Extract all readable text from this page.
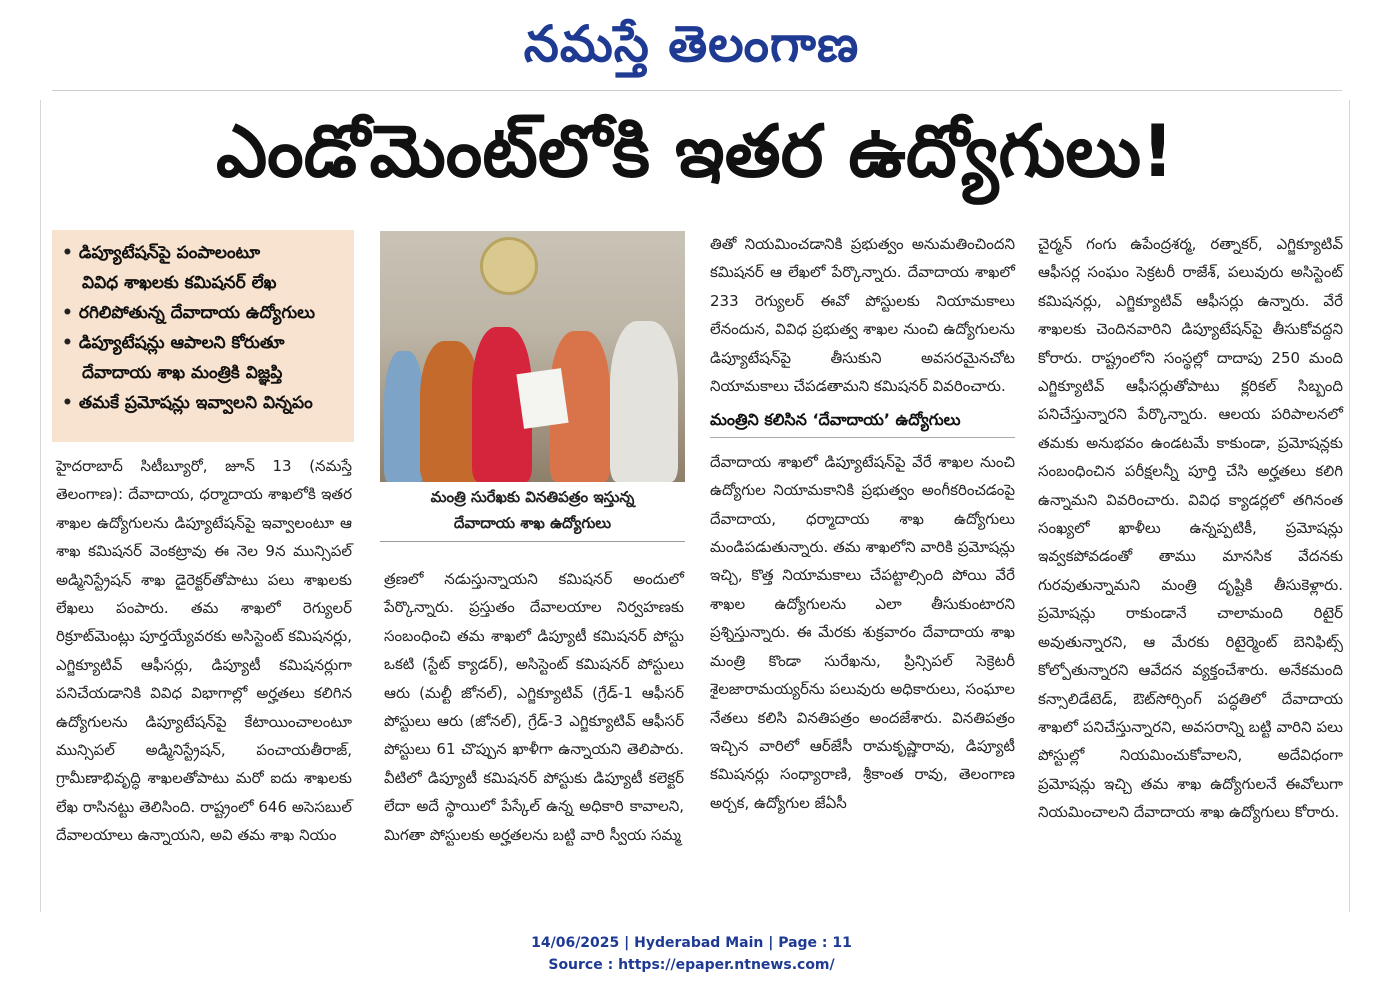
నమస్తే తెలంగాణ
ఎండోమెంట్‌లోకి ఇతర ఉద్యోగులు!
• డిప్యూటేషన్‌పై పంపాలంటూ
వివిధ శాఖలకు కమిషనర్ లేఖ
• రగిలిపోతున్న దేవాదాయ ఉద్యోగులు
• డిప్యూటేషన్లు ఆపాలని కోరుతూ
దేవాదాయ శాఖ మంత్రికి విజ్ఞప్తి
• తమకే ప్రమోషన్లు ఇవ్వాలని విన్నపం
మంత్రి సురేఖకు వినతిపత్రం ఇస్తున్న
దేవాదాయ శాఖ ఉద్యోగులు

హైదరాబాద్ సిటీబ్యూరో, జూన్ 13 (నమస్తే తెలంగాణ): దేవాదాయ, ధర్మాదాయ శాఖలోకి ఇతర శాఖల ఉద్యోగులను డిప్యూటేషన్‌పై ఇవ్వాలంటూ ఆ శాఖ కమిషనర్ వెంకట్రావు ఈ నెల 9న మున్సిపల్ అడ్మినిస్ట్రేషన్ శాఖ డైరెక్టర్‌తోపాటు పలు శాఖలకు లేఖలు పంపారు. తమ శాఖలో రెగ్యులర్ రిక్రూట్‌మెంట్లు పూర్తయ్యేవరకు అసిస్టెంట్ కమిషనర్లు, ఎగ్జిక్యూటివ్ ఆఫీసర్లు, డిప్యూటీ కమిషనర్లుగా పనిచేయడానికి వివిధ విభాగాల్లో అర్హతలు కలిగిన ఉద్యోగులను డిప్యూటేషన్‌పై కేటాయించాలంటూ మున్సిపల్ అడ్మినిస్ట్రేషన్, పంచాయతీరాజ్, గ్రామీణాభివృద్ధి శాఖలతోపాటు మరో ఐదు శాఖలకు లేఖ రాసినట్టు తెలిసింది. రాష్ట్రంలో 646 అసెసబుల్ దేవాలయాలు ఉన్నాయని, అవి తమ శాఖ నియం

త్రణలో నడుస్తున్నాయని కమిషనర్ అందులో పేర్కొన్నారు. ప్రస్తుతం దేవాలయాల నిర్వహణకు సంబంధించి తమ శాఖలో డిప్యూటీ కమిషనర్ పోస్టు ఒకటి (స్టేట్ క్యాడర్), అసిస్టెంట్ కమిషనర్ పోస్టులు ఆరు (మల్టీ జోనల్), ఎగ్జిక్యూటివ్ (గ్రేడ్-1 ఆఫీసర్ పోస్టులు ఆరు (జోనల్), గ్రేడ్-3 ఎగ్జిక్యూటివ్ ఆఫీసర్ పోస్టులు 61 చొప్పున ఖాళీగా ఉన్నాయని తెలిపారు. వీటిలో డిప్యూటీ కమిషనర్ పోస్టుకు డిప్యూటీ కలెక్టర్ లేదా అదే స్థాయిలో పేస్కేల్ ఉన్న అధికారి కావాలని, మిగతా పోస్టులకు అర్హతలను బట్టి వారి స్వీయ సమ్మ

తితో నియమించడానికి ప్రభుత్వం అనుమతించిందని కమిషనర్ ఆ లేఖలో పేర్కొన్నారు. దేవాదాయ శాఖలో 233 రెగ్యులర్ ఈవో పోస్టులకు నియామకాలు లేనందున, వివిధ ప్రభుత్వ శాఖల నుంచి ఉద్యోగులను డిప్యూటేషన్‌పై తీసుకుని అవసరమైనచోట నియామకాలు చేపడతామని కమిషనర్ వివరించారు.

మంత్రిని కలిసిన ‘దేవాదాయ’ ఉద్యోగులు

దేవాదాయ శాఖలో డిప్యూటేషన్‌పై వేరే శాఖల నుంచి ఉద్యోగుల నియామకానికి ప్రభుత్వం అంగీకరించడంపై దేవాదాయ, ధర్మాదాయ శాఖ ఉద్యోగులు మండిపడుతున్నారు. తమ శాఖలోని వారికి ప్రమోషన్లు ఇచ్చి, కొత్త నియామకాలు చేపట్టాల్సింది పోయి వేరే శాఖల ఉద్యోగులను ఎలా తీసుకుంటారని ప్రశ్నిస్తున్నారు. ఈ మేరకు శుక్రవారం దేవాదాయ శాఖ మంత్రి కొండా సురేఖను, ప్రిన్సిపల్ సెక్రెటరీ శైలజారామయ్యర్‌ను పలువురు అధికారులు, సంఘాల నేతలు కలిసి వినతిపత్రం అందజేశారు. వినతిపత్రం ఇచ్చిన వారిలో ఆర్‌జేసీ రామకృష్ణారావు, డిప్యూటీ కమిషనర్లు సంధ్యారాణి, శ్రీకాంత రావు, తెలంగాణ అర్చక, ఉద్యోగుల జేఏసీ

చైర్మన్ గంగు ఉపేంద్రశర్మ, రత్నాకర్, ఎగ్జిక్యూటివ్ ఆఫీసర్ల సంఘం సెక్రటరీ రాజేశ్, పలువురు అసిస్టెంట్ కమిషనర్లు, ఎగ్జిక్యూటివ్ ఆఫీసర్లు ఉన్నారు. వేరే శాఖలకు చెందినవారిని డిప్యూటేషన్‌పై తీసుకోవద్దని కోరారు. రాష్ట్రంలోని సంస్థల్లో దాదాపు 250 మంది ఎగ్జిక్యూటివ్ ఆఫీసర్లుతోపాటు క్లరికల్ సిబ్బంది పనిచేస్తున్నారని పేర్కొన్నారు. ఆలయ పరిపాలనలో తమకు అనుభవం ఉండటమే కాకుండా, ప్రమోషన్లకు సంబంధించిన పరీక్షలన్నీ పూర్తి చేసి అర్హతలు కలిగి ఉన్నామని వివరించారు. వివిధ క్యాడర్లలో తగినంత సంఖ్యలో ఖాళీలు ఉన్నప్పటికీ, ప్రమోషన్లు ఇవ్వకపోవడంతో తాము మానసిక వేదనకు గురవుతున్నామని మంత్రి దృష్టికి తీసుకెళ్లారు. ప్రమోషన్లు రాకుండానే చాలామంది రిటైర్ అవుతున్నారని, ఆ మేరకు రిటైర్మెంట్ బెనిఫిట్స్ కోల్పోతున్నారని ఆవేదన వ్యక్తంచేశారు. అనేకమంది కన్సాలిడేటెడ్, ఔట్‌సోర్సింగ్ పద్ధతిలో దేవాదాయ శాఖలో పనిచేస్తున్నారని, అవసరాన్ని బట్టి వారిని పలు పోస్టుల్లో నియమించుకోవాలని, అదేవిధంగా ప్రమోషన్లు ఇచ్చి తమ శాఖ ఉద్యోగులనే ఈవోలుగా నియమించాలని దేవాదాయ శాఖ ఉద్యోగులు కోరారు.

14/06/2025 | Hyderabad Main | Page : 11
Source : https://epaper.ntnews.com/
